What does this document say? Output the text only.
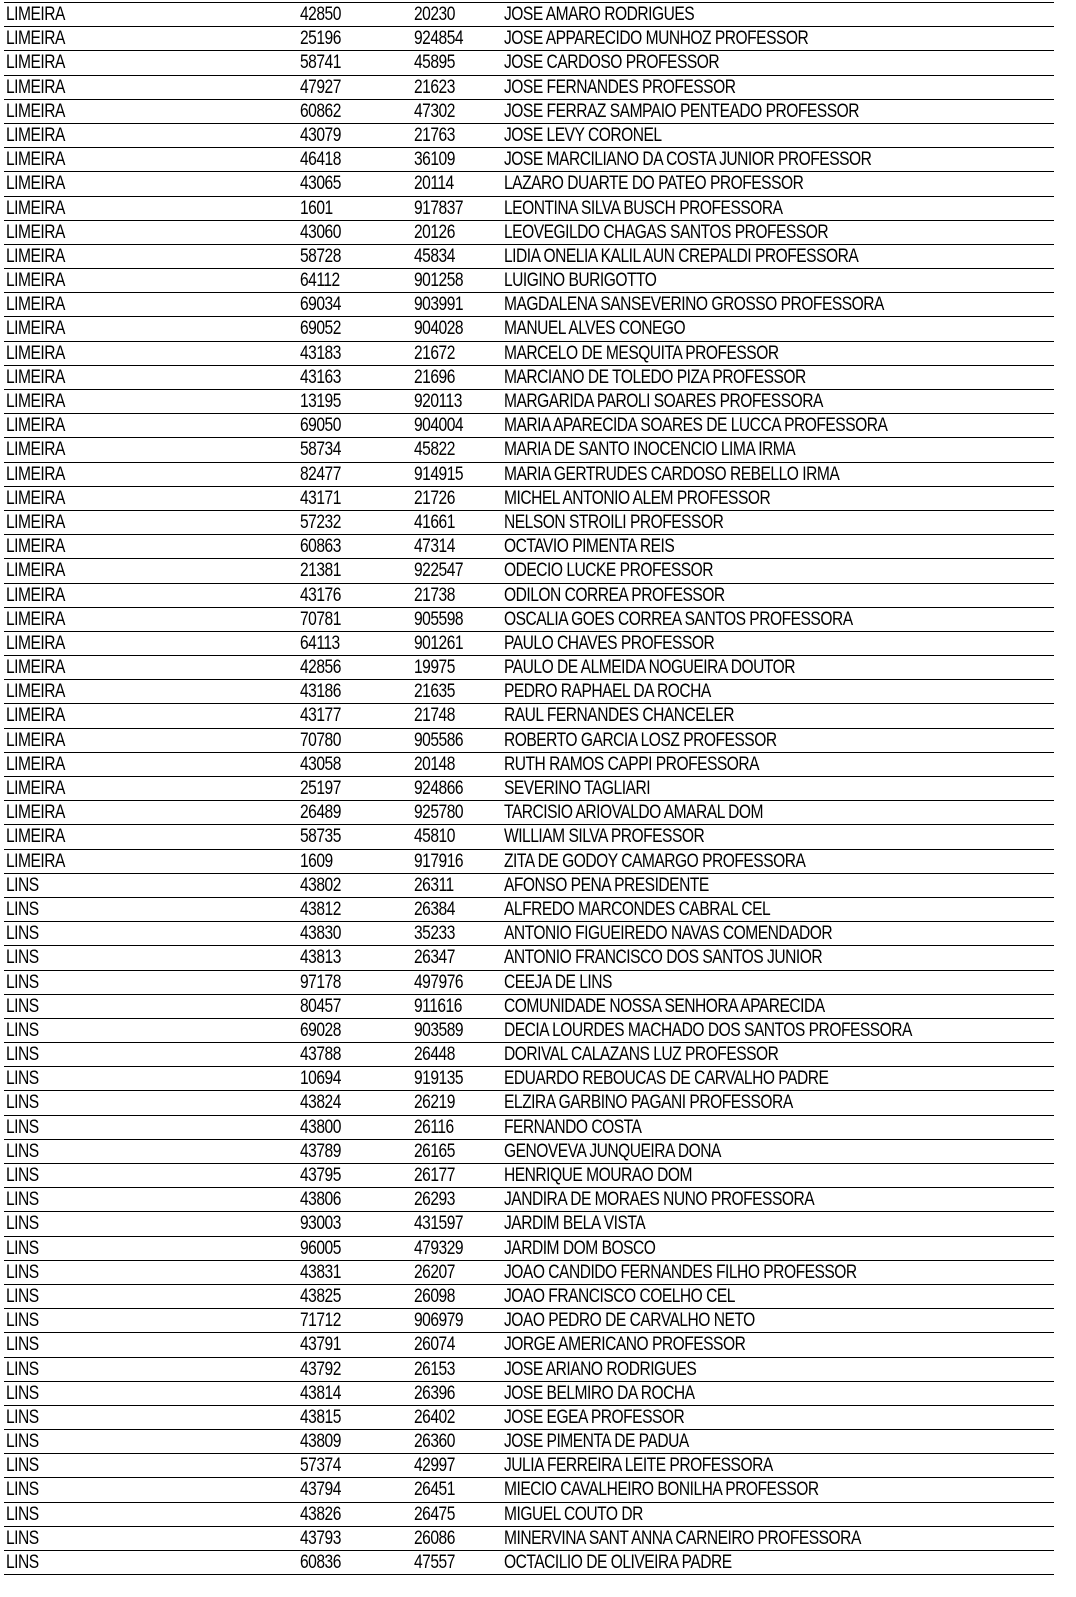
LIMEIRA	42850	20230	JOSE AMARO RODRIGUES
LIMEIRA	25196	924854 JOSE APPARECIDO MUNHOZ PROFESSOR
LIMEIRA	58741	45895	JOSE CARDOSO PROFESSOR
LIMEIRA	47927	21623	JOSE FERNANDES PROFESSOR
LIMEIRA	60862	47302	JOSE FERRAZ SAMPAIO PENTEADO PROFESSOR
LIMEIRA	43079	21763	JOSE LEVY CORONEL
LIMEIRA	46418	36109	JOSE MARCILIANO DA COSTA JUNIOR PROFESSOR
LIMEIRA	43065	20114	LAZARO DUARTE DO PATEO PROFESSOR
LIMEIRA	1601	917837 LEONTINA SILVA BUSCH PROFESSORA
LIMEIRA	43060	20126	LEOVEGILDO CHAGAS SANTOS PROFESSOR
LIMEIRA	58728	45834	LIDIA ONELIA KALIL AUN CREPALDI PROFESSORA
LIMEIRA	64112	901258 LUIGINO BURIGOTTO
LIMEIRA	69034	903991 MAGDALENA SANSEVERINO GROSSO PROFESSORA
LIMEIRA	69052	904028 MANUEL ALVES CONEGO
LIMEIRA	43183	21672	MARCELO DE MESQUITA PROFESSOR
LIMEIRA	43163	21696	MARCIANO DE TOLEDO PIZA PROFESSOR
LIMEIRA	13195	920113 MARGARIDA PAROLI SOARES PROFESSORA
LIMEIRA	69050	904004 MARIA APARECIDA SOARES DE LUCCA PROFESSORA
LIMEIRA	58734	45822	MARIA DE SANTO INOCENCIO LIMA IRMA
LIMEIRA	82477	914915 MARIA GERTRUDES CARDOSO REBELLO IRMA
LIMEIRA	43171	21726	MICHEL ANTONIO ALEM PROFESSOR
LIMEIRA	57232	41661	NELSON STROILI PROFESSOR
LIMEIRA	60863	47314	OCTAVIO PIMENTA REIS
LIMEIRA	21381	922547 ODECIO LUCKE PROFESSOR
LIMEIRA	43176	21738	ODILON CORREA PROFESSOR
LIMEIRA	70781	905598 OSCALIA GOES CORREA SANTOS PROFESSORA
LIMEIRA	64113	901261 PAULO CHAVES PROFESSOR
LIMEIRA	42856	19975	PAULO DE ALMEIDA NOGUEIRA DOUTOR
LIMEIRA	43186	21635	PEDRO RAPHAEL DA ROCHA
LIMEIRA	43177	21748	RAUL FERNANDES CHANCELER
LIMEIRA	70780	905586 ROBERTO GARCIA LOSZ PROFESSOR
LIMEIRA	43058	20148	RUTH RAMOS CAPPI PROFESSORA
LIMEIRA	25197	924866 SEVERINO TAGLIARI
LIMEIRA	26489	925780 TARCISIO ARIOVALDO AMARAL DOM
LIMEIRA	58735	45810	WILLIAM SILVA PROFESSOR
LIMEIRA	1609	917916 ZITA DE GODOY CAMARGO PROFESSORA
LINS	43802	26311	AFONSO PENA PRESIDENTE
LINS	43812	26384	ALFREDO MARCONDES CABRAL CEL
LINS	43830	35233	ANTONIO FIGUEIREDO NAVAS COMENDADOR
LINS	43813	26347	ANTONIO FRANCISCO DOS SANTOS JUNIOR
LINS	97178	497976 CEEJA DE LINS
LINS	80457	911616 COMUNIDADE NOSSA SENHORA APARECIDA
LINS	69028	903589 DECIA LOURDES MACHADO DOS SANTOS PROFESSORA
LINS	43788	26448	DORIVAL CALAZANS LUZ PROFESSOR
LINS	10694	919135 EDUARDO REBOUCAS DE CARVALHO PADRE
LINS	43824	26219	ELZIRA GARBINO PAGANI PROFESSORA
LINS	43800	26116	FERNANDO COSTA
LINS	43789	26165	GENOVEVA JUNQUEIRA DONA
LINS	43795	26177	HENRIQUE MOURAO DOM
LINS	43806	26293	JANDIRA DE MORAES NUNO PROFESSORA
LINS	93003	431597 JARDIM BELA VISTA
LINS	96005	479329 JARDIM DOM BOSCO
LINS	43831	26207	JOAO CANDIDO FERNANDES FILHO PROFESSOR
LINS	43825	26098	JOAO FRANCISCO COELHO CEL
LINS	71712	906979 JOAO PEDRO DE CARVALHO NETO
LINS	43791	26074	JORGE AMERICANO PROFESSOR
LINS	43792	26153	JOSE ARIANO RODRIGUES
LINS	43814	26396	JOSE BELMIRO DA ROCHA
LINS	43815	26402	JOSE EGEA PROFESSOR
LINS	43809	26360	JOSE PIMENTA DE PADUA
LINS	57374	42997	JULIA FERREIRA LEITE PROFESSORA
LINS	43794	26451	MIECIO CAVALHEIRO BONILHA PROFESSOR
LINS	43826	26475	MIGUEL COUTO DR
LINS	43793	26086	MINERVINA SANT ANNA CARNEIRO PROFESSORA
LINS	60836	47557	OCTACILIO DE OLIVEIRA PADRE
